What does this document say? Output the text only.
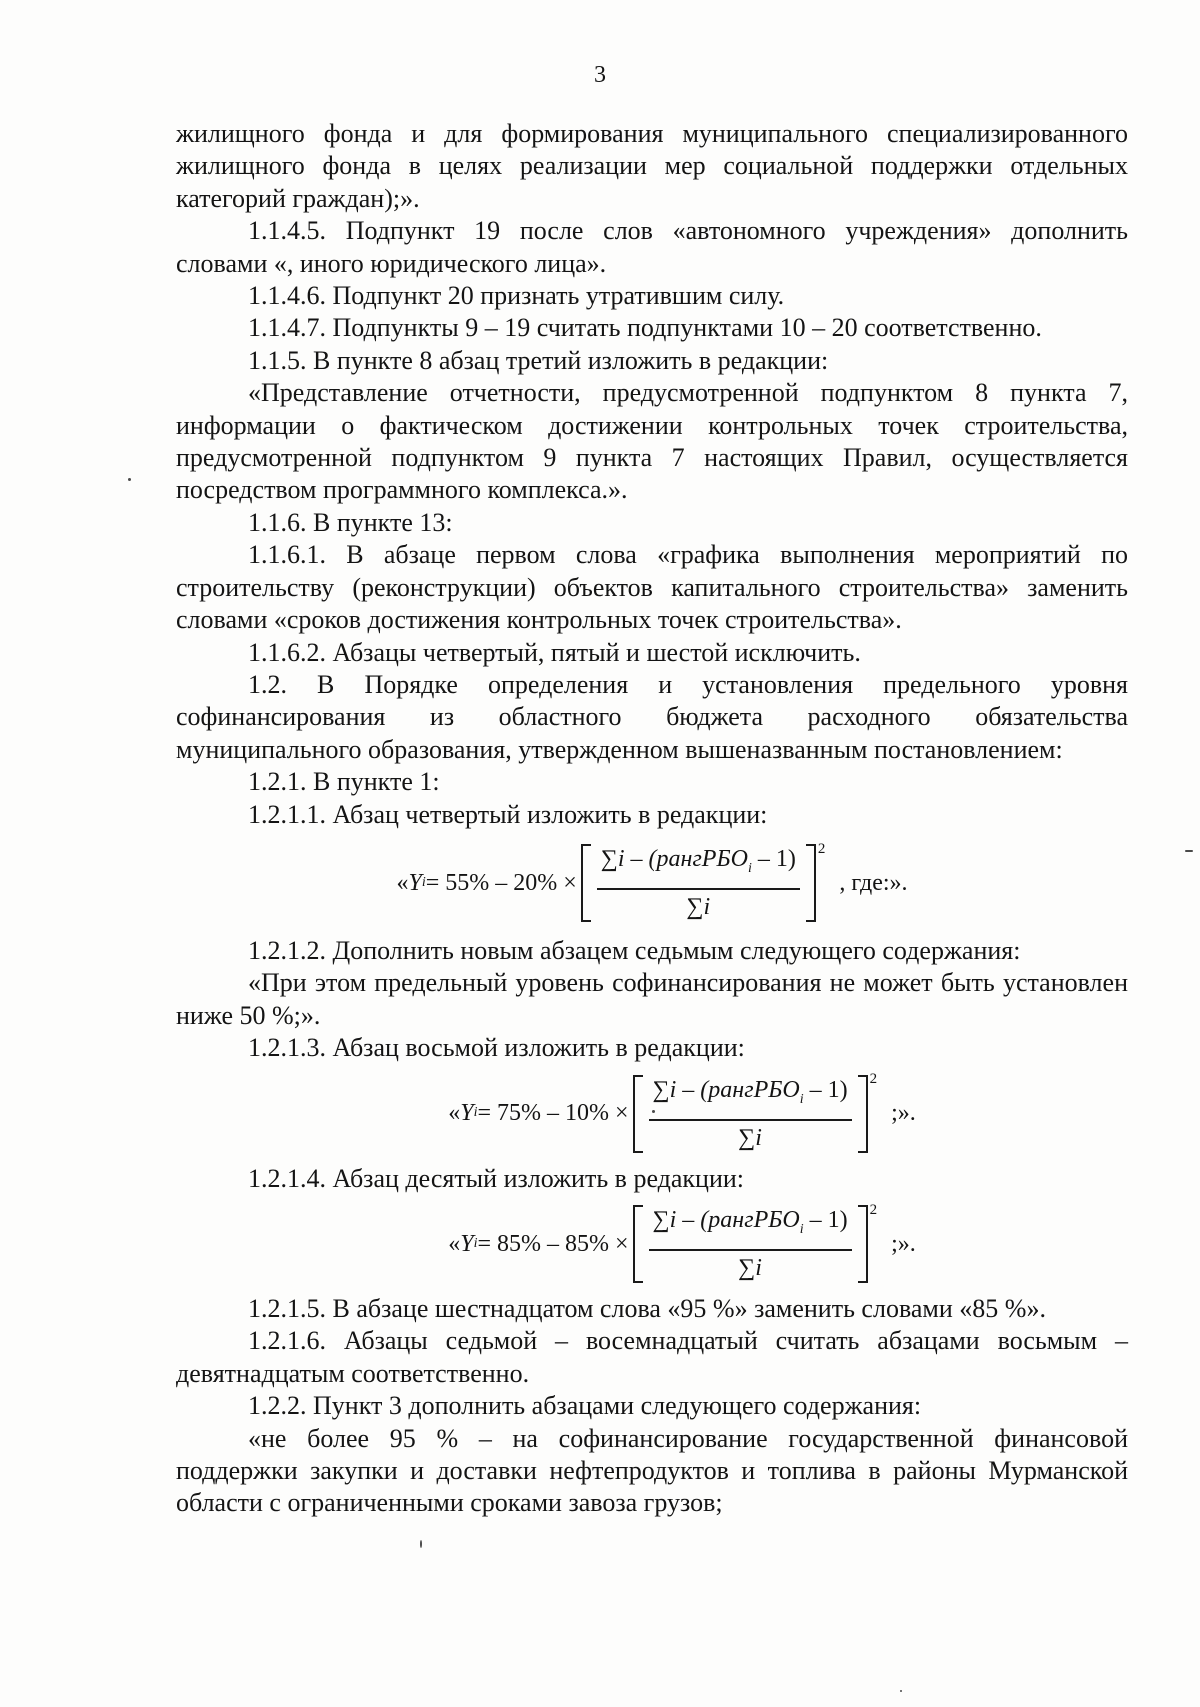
3

жилищного фонда и для формирования муниципального специализированного жилищного фонда в целях реализации мер социальной поддержки отдельных категорий граждан);».

1.1.4.5. Подпункт 19 после слов «автономного учреждения» дополнить словами «, иного юридического лица».

1.1.4.6. Подпункт 20 признать утратившим силу.

1.1.4.7. Подпункты 9 – 19 считать подпунктами 10 – 20 соответственно.

1.1.5. В пункте 8 абзац третий изложить в редакции:

«Представление отчетности, предусмотренной подпунктом 8 пункта 7, информации о фактическом достижении контрольных точек строительства, предусмотренной подпунктом 9 пункта 7 настоящих Правил, осуществляется посредством программного комплекса.».

1.1.6. В пункте 13:

1.1.6.1. В абзаце первом слова «графика выполнения мероприятий по строительству (реконструкции) объектов капитального строительства» заменить словами «сроков достижения контрольных точек строительства».

1.1.6.2. Абзацы четвертый, пятый и шестой исключить.

1.2. В Порядке определения и установления предельного уровня софинансирования из областного бюджета расходного обязательства муниципального образования, утвержденном вышеназванным постановлением:

1.2.1. В пункте 1:

1.2.1.1. Абзац четвертый изложить в редакции:

« Y $i = 55\% - 20\% \times \frac{\sum i - (рангРБО_i - 1)}{\sum i} 2$
, где:».

1.2.1.2. Дополнить новым абзацем седьмым следующего содержания:

«При этом предельный уровень софинансирования не может быть установлен ниже 50 %;».

1.2.1.3. Абзац восьмой изложить в редакции:

« Y $i = 75\% - 10\% \times \frac{\sum i - (рангРБО_i - 1)}{\sum i} 2$
;».

1.2.1.4. Абзац десятый изложить в редакции:

« Y $i = 85\% - 85\% \times \frac{\sum i - (рангРБО_i - 1)}{\sum i} 2$
;».

1.2.1.5. В абзаце шестнадцатом слова «95 %» заменить словами «85 %».

1.2.1.6. Абзацы седьмой – восемнадцатый считать абзацами восьмым – девятнадцатым соответственно.

1.2.2. Пункт 3 дополнить абзацами следующего содержания:

«не более 95 % – на софинансирование государственной финансовой поддержки закупки и доставки нефтепродуктов и топлива в районы Мурманской области с ограниченными сроками завоза грузов;
